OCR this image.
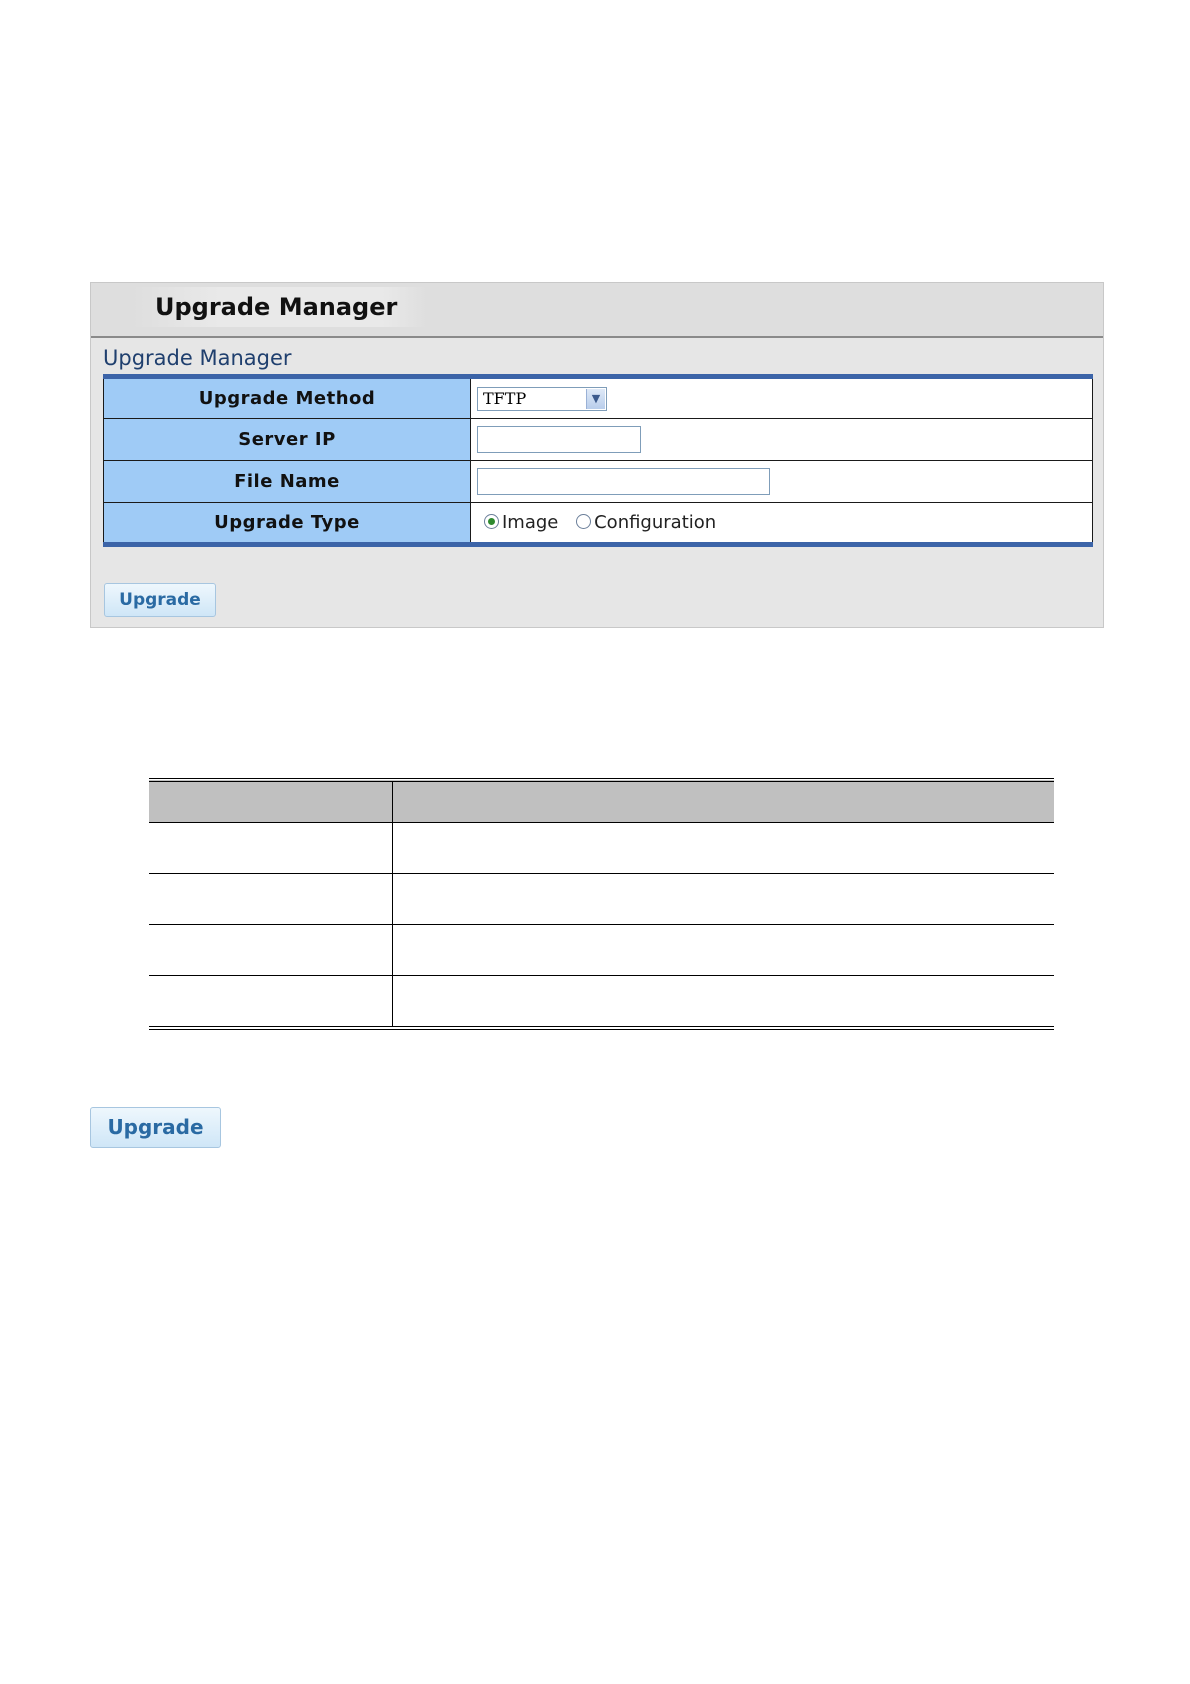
Upgrade Manager
Upgrade Manager
Upgrade Method	TFTP ▼

Server IP	
File Name	
Upgrade Type	Image Configuration
Upgrade

Upgrade
